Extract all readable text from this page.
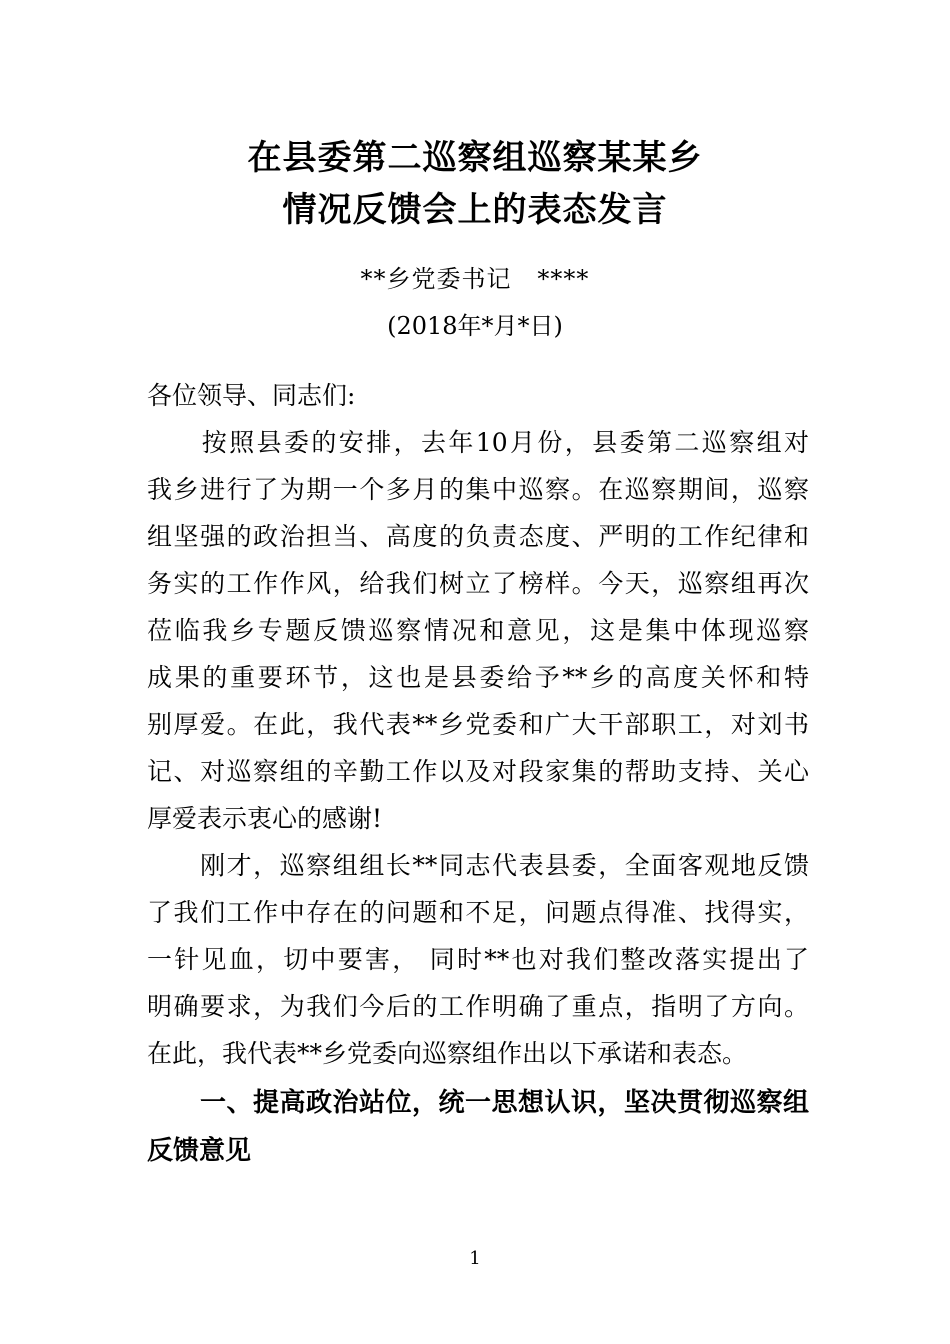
在县委第二巡察组巡察某某乡
情况反馈会上的表态发言
**乡党委书记   ****
(2018年*月*日)
各位领导、同志们:
　　按照县委的安排，去年10月份，县委第二巡察组对
我乡进行了为期一个多月的集中巡察。在巡察期间，巡察
组坚强的政治担当、高度的负责态度、严明的工作纪律和
务实的工作作风，给我们树立了榜样。今天，巡察组再次
莅临我乡专题反馈巡察情况和意见，这是集中体现巡察
成果的重要环节，这也是县委给予**乡的高度关怀和特
别厚爱。在此，我代表**乡党委和广大干部职工，对刘书
记、对巡察组的辛勤工作以及对段家集的帮助支持、关心
厚爱表示衷心的感谢!
　　刚才，巡察组组长**同志代表县委，全面客观地反馈
了我们工作中存在的问题和不足，问题点得准、找得实，
一针见血，切中要害， 同时**也对我们整改落实提出了
明确要求，为我们今后的工作明确了重点，指明了方向。
在此，我代表**乡党委向巡察组作出以下承诺和表态。
　　一、提高政治站位，统一思想认识，坚决贯彻巡察组
反馈意见
1
